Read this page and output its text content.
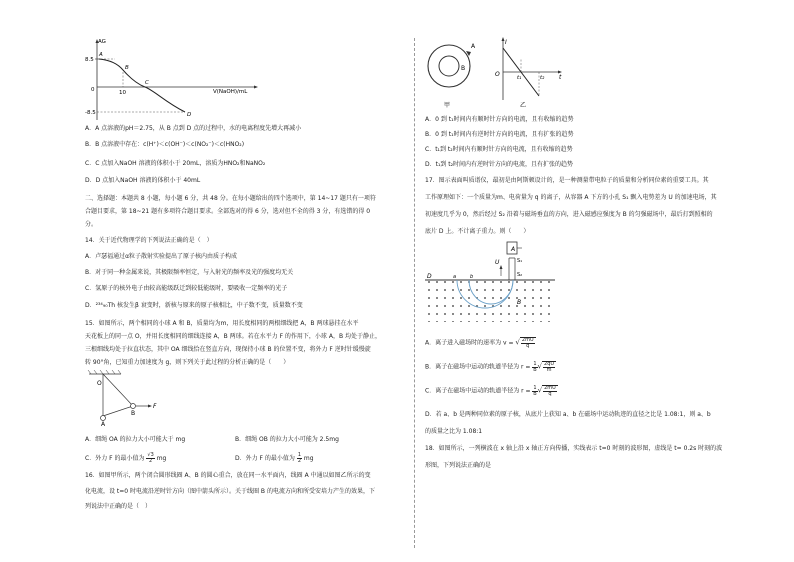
AG
8.5
-8.5
0	10	V(NaOH)/mL
A
B
C
D
A．A 点溶液的pH＝2.75，从 B 点到 D 点的过程中，水的电离程度先增大再减小
B．B 点溶液中存在：c(H⁺)＜c(OH⁻)＜c(NO₂⁻)＜c(HNO₂)
C．C 点加入NaOH 溶液的体积小于 20mL，溶质为HNO₂和NaNO₂
D．D 点加入NaOH 溶液的体积小于 40mL
二、选择题：本题共 8 小题，每小题 6 分，共 48 分。在每小题给出的四个选项中，第 14~17 题只有一项符
合题目要求，第 18~21 题有多项符合题目要求。全部选对的得 6 分，选对但不全的得 3 分，有选错的得 0
分。
14．关于近代物理学的下列说法正确的是（　）
A．卢瑟福通过α粒子散射实验提出了原子核内由质子构成
B．对于同一种金属来说，其极限频率恒定，与入射光的频率及光的强度均无关
C．氢原子的核外电子由较高能级跃迁到较低能级时，要吸收一定频率的光子
D．²³⁴₉₀Th 核发生β 衰变时，新核与原来的原子核相比，中子数不变，质量数不变
15．如图所示，两个相同的小球 A 和 B，质量均为m，用长度相同的两根细线把 A，B 两球悬挂在水平
天花板上的同一点 O，并用长度相同的细线连接 A，B 两球。若在水平力 F 的作用下，小球 A，B 均处于静止，
三根细线均处于拉直状态，其中 OA 细线恰在竖直方向，现保持小球 B 的位置不变，将外力 F 逆时针缓慢旋
转 90°角，已知重力加速度为 g，则下列关于此过程的分析正确的是（　　）
O
A
B
F
A．细绳 OA 的拉力大小可能大于 mg	B．细绳 OB 的拉力大小可能为 2.5mg
C．外力 F 的最小值为 $\frac{√3}{2}$ mg	D．外力 F 的最小值为 $\frac{1}{2}$ mg
16．如图甲所示，两个闭合圆形线圈 A、B 的圆心重合，放在同一水平面内，线圈 A 中通以如图乙所示的变
化电流，设 t=0 时电流沿逆时针方向（图中箭头所示）。关于线圈 B 的电流方向和所受安培力产生的效果，下
列说法中正确的是（　）
A
B
甲
I
O	t₁	t₂ t
乙
A．0 到 t₁时间内有顺时针方向的电流，且有收缩的趋势
B．0 到 t₁时间内有逆时针方向的电流，且有扩张的趋势
C．t₁到 t₂时间内有顺时针方向的电流，且有收缩的趋势
D．t₁到 t₂时间内有逆时针方向的电流，且有扩张的趋势
17．图示表面叫质谱仪，最初是由阿斯顿设计的，是一种测量带电粒子的质量和分析同位素的重要工具。其
工作原理如下：一个质量为m、电荷量为 q 的离子，从容器 A 下方的小孔 S₁ 飘入电势差为 U 的加速电场，其
初速度几乎为 0，然后经过 S₂ 沿着与磁场垂直的方向，进入磁感应强度为 B 的匀强磁场中，最后打到照相的
底片 D 上。不计离子重力。则（　　）
A
U	S₁
S₂
D
B
a	b
A．离子进入磁场时的速率为 v = √ $\frac{2mU}{q}$
B．离子在磁场中运动的轨道半径为 $r = \frac{1}{B}√ \frac{2qU}{m}$
C．离子在磁场中运动的轨道半径为 $r = \frac{1}{B}√ \frac{2mU}{q}$
D．若 a、b 是两种同位素的原子核，从底片上获知 a、b 在磁场中运动轨迹的直径之比是 1.08:1，则 a、b
的质量之比为 1.08:1
18．如图所示，一列横波在 x 轴上沿 x 轴正方向传播，实线表示 t=0 时刻的波形图，虚线是 t= 0.2s 时刻的波
形图，下列说法正确的是
